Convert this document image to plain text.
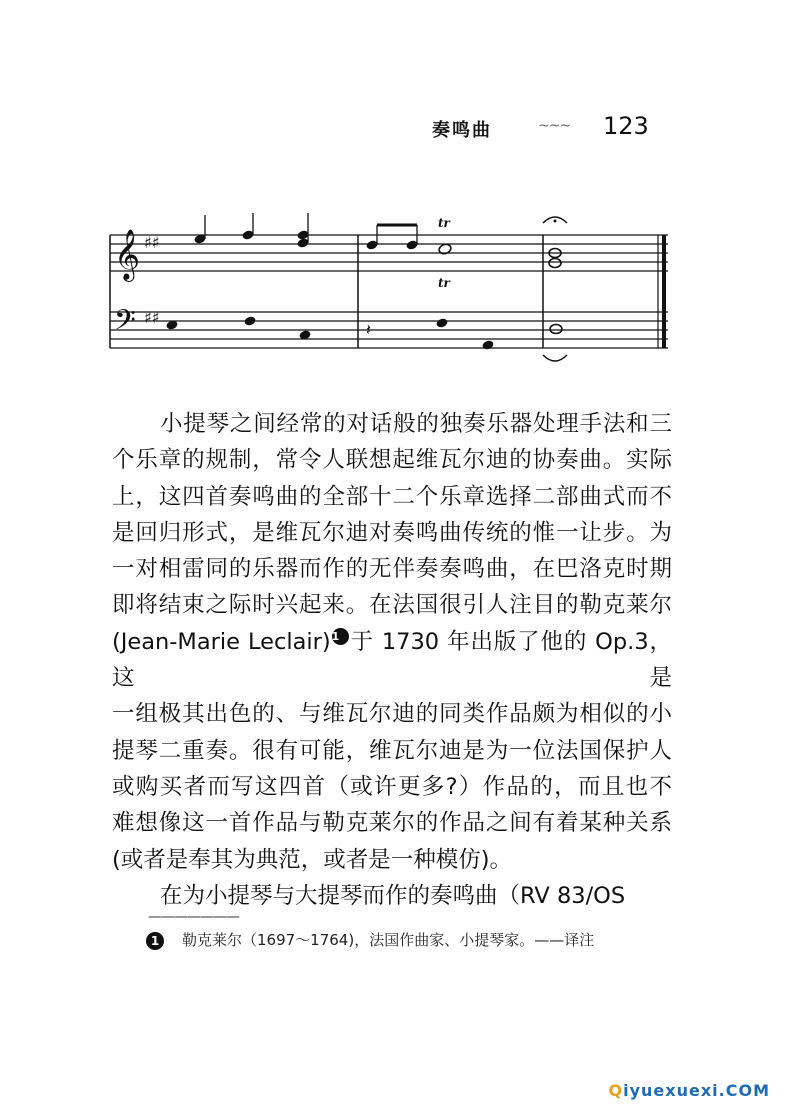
奏鸣曲	~~~ 123
𝄞
𝄢
♯♯
♯♯
tr
tr
𝄽

小提琴之间经常的对话般的独奏乐器处理手法和三

个乐章的规制，常令人联想起维瓦尔迪的协奏曲。实际

上，这四首奏鸣曲的全部十二个乐章选择二部曲式而不

是回归形式，是维瓦尔迪对奏鸣曲传统的惟一让步。为

一对相雷同的乐器而作的无伴奏奏鸣曲，在巴洛克时期

即将结束之际时兴起来。在法国很引人注目的勒克莱尔

(Jean-Marie Leclair)1 于 1730 年出版了他的 Op.3，这是

一组极其出色的、与维瓦尔迪的同类作品颇为相似的小

提琴二重奏。很有可能，维瓦尔迪是为一位法国保护人

或购买者而写这四首（或许更多?）作品的，而且也不

难想像这一首作品与勒克莱尔的作品之间有着某种关系

(或者是奉其为典范，或者是一种模仿)。

在为小提琴与大提琴而作的奏鸣曲（RV 83/OS

———————
1 勒克莱尔（1697～1764)，法国作曲家、小提琴家。——译注
Qiyuexuexi.COM
